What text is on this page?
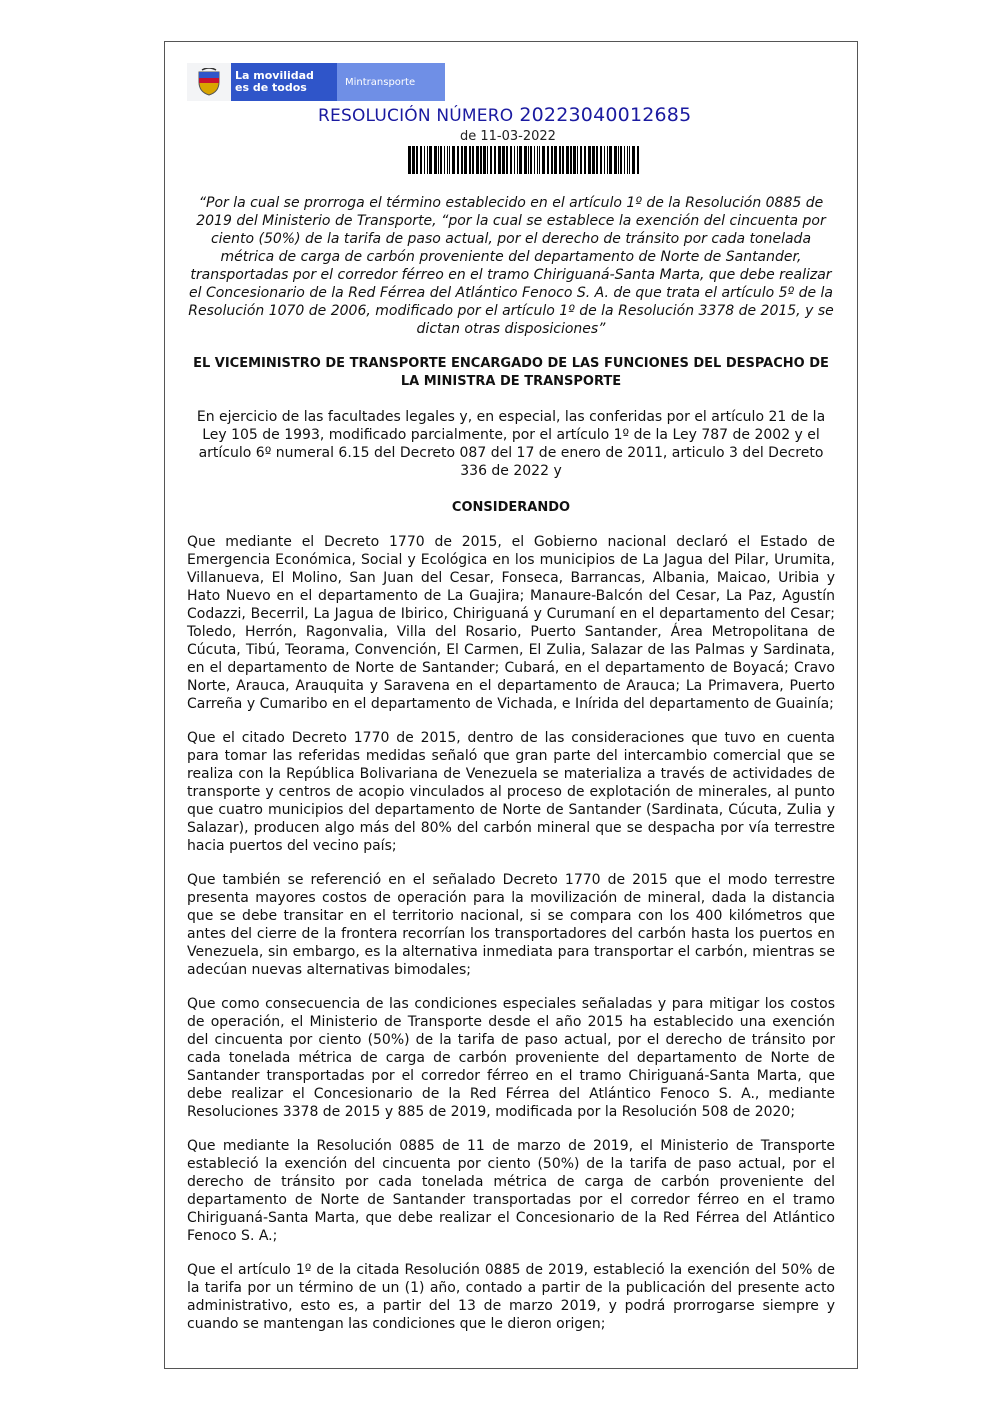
La movilidad
es de todos	Mintransporte
RESOLUCIÓN NÚMERO 20223040012685
de 11-03-2022
“Por la cual se prorroga el término establecido en el artículo 1º de la Resolución 0885 de 2019 del Ministerio de Transporte, “por la cual se establece la exención del cincuenta por ciento (50%) de la tarifa de paso actual, por el derecho de tránsito por cada tonelada métrica de carga de carbón proveniente del departamento de Norte de Santander, transportadas por el corredor férreo en el tramo Chiriguaná-Santa Marta, que debe realizar el Concesionario de la Red Férrea del Atlántico Fenoco S. A. de que trata el artículo 5º de la Resolución 1070 de 2006, modificado por el artículo 1º de la Resolución 3378 de 2015, y se dictan otras disposiciones”
EL VICEMINISTRO DE TRANSPORTE ENCARGADO DE LAS FUNCIONES DEL DESPACHO DE LA MINISTRA DE TRANSPORTE
En ejercicio de las facultades legales y, en especial, las conferidas por el artículo 21 de la Ley 105 de 1993, modificado parcialmente, por el artículo 1º de la Ley 787 de 2002 y el artículo 6º numeral 6.15 del Decreto 087 del 17 de enero de 2011, articulo 3 del Decreto 336 de 2022 y
CONSIDERANDO

Que mediante el Decreto 1770 de 2015, el Gobierno nacional declaró el Estado de Emergencia Económica, Social y Ecológica en los municipios de La Jagua del Pilar, Urumita, Villanueva, El Molino, San Juan del Cesar, Fonseca, Barrancas, Albania, Maicao, Uribia y Hato Nuevo en el departamento de La Guajira; Manaure-Balcón del Cesar, La Paz, Agustín Codazzi, Becerril, La Jagua de Ibirico, Chiriguaná y Curumaní en el departamento del Cesar; Toledo, Herrón, Ragonvalia, Villa del Rosario, Puerto Santander, Área Metropolitana de Cúcuta, Tibú, Teorama, Convención, El Carmen, El Zulia, Salazar de las Palmas y Sardinata, en el departamento de Norte de Santander; Cubará, en el departamento de Boyacá; Cravo Norte, Arauca, Arauquita y Saravena en el departamento de Arauca; La Primavera, Puerto Carreña y Cumaribo en el departamento de Vichada, e Inírida del departamento de Guainía;

Que el citado Decreto 1770 de 2015, dentro de las consideraciones que tuvo en cuenta para tomar las referidas medidas señaló que gran parte del intercambio comercial que se realiza con la República Bolivariana de Venezuela se materializa a través de actividades de transporte y centros de acopio vinculados al proceso de explotación de minerales, al punto que cuatro municipios del departamento de Norte de Santander (Sardinata, Cúcuta, Zulia y Salazar), producen algo más del 80% del carbón mineral que se despacha por vía terrestre hacia puertos del vecino país;

Que también se referenció en el señalado Decreto 1770 de 2015 que el modo terrestre presenta mayores costos de operación para la movilización de mineral, dada la distancia que se debe transitar en el territorio nacional, si se compara con los 400 kilómetros que antes del cierre de la frontera recorrían los transportadores del carbón hasta los puertos en Venezuela, sin embargo, es la alternativa inmediata para transportar el carbón, mientras se adecúan nuevas alternativas bimodales;

Que como consecuencia de las condiciones especiales señaladas y para mitigar los costos de operación, el Ministerio de Transporte desde el año 2015 ha establecido una exención del cincuenta por ciento (50%) de la tarifa de paso actual, por el derecho de tránsito por cada tonelada métrica de carga de carbón proveniente del departamento de Norte de Santander transportadas por el corredor férreo en el tramo Chiriguaná-Santa Marta, que debe realizar el Concesionario de la Red Férrea del Atlántico Fenoco S. A., mediante Resoluciones 3378 de 2015 y 885 de 2019, modificada por la Resolución 508 de 2020;

Que mediante la Resolución 0885 de 11 de marzo de 2019, el Ministerio de Transporte estableció la exención del cincuenta por ciento (50%) de la tarifa de paso actual, por el derecho de tránsito por cada tonelada métrica de carga de carbón proveniente del departamento de Norte de Santander transportadas por el corredor férreo en el tramo Chiriguaná-Santa Marta, que debe realizar el Concesionario de la Red Férrea del Atlántico Fenoco S. A.;

Que el artículo 1º de la citada Resolución 0885 de 2019, estableció la exención del 50% de la tarifa por un término de un (1) año, contado a partir de la publicación del presente acto administrativo, esto es, a partir del 13 de marzo 2019, y podrá prorrogarse siempre y cuando se mantengan las condiciones que le dieron origen;
